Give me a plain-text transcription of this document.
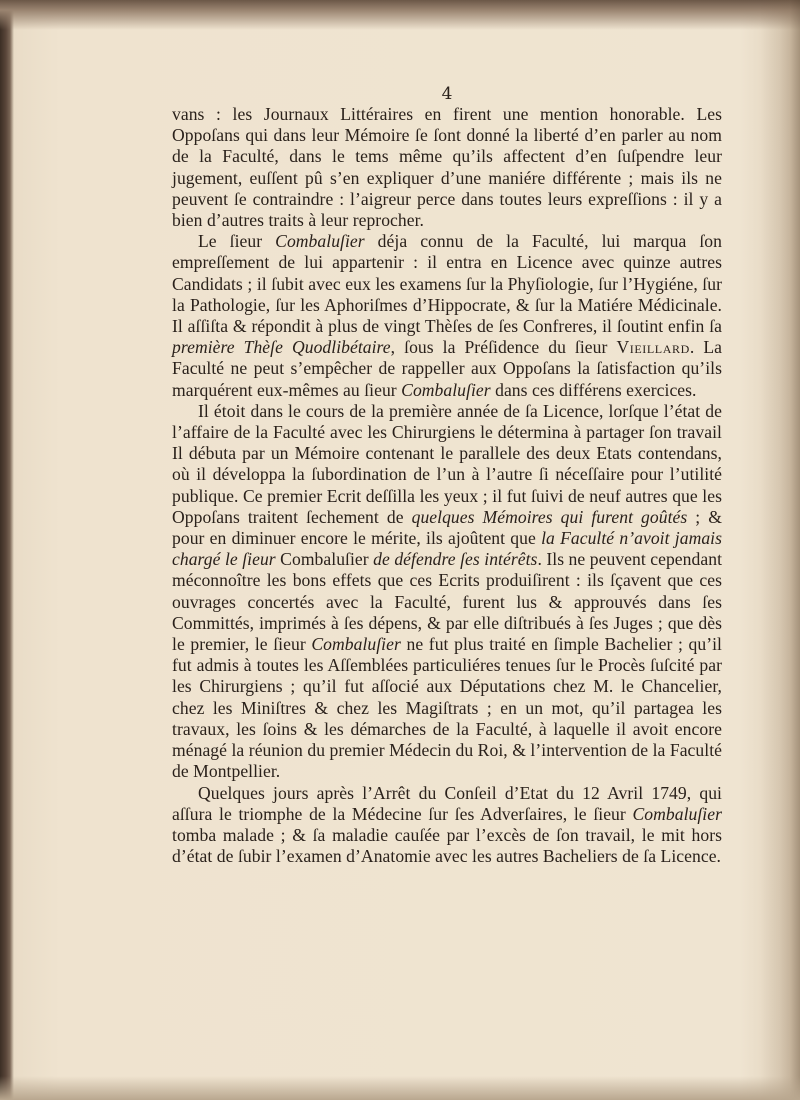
4

vans : les Journaux Littéraires en firent une mention honorable. Les Oppoſans qui dans leur Mémoire ſe ſont donné la liberté d’en parler au nom de la Faculté, dans le tems même qu’ils affectent d’en ſuſpendre leur jugement, euſſent pû s’en expliquer d’une maniére différente ; mais ils ne peuvent ſe contraindre : l’aigreur perce dans toutes leurs expreſſions : il y a bien d’autres traits à leur reprocher.

Le ſieur Combaluſier déja connu de la Faculté, lui marqua ſon empreſſement de lui appartenir : il entra en Licence avec quinze autres Candidats ; il ſubit avec eux les examens ſur la Phyſiologie, ſur l’Hygiéne, ſur la Pathologie, ſur les Aphoriſmes d’Hippocrate, & ſur la Matiére Médicinale. Il aſſiſta & répondit à plus de vingt Thèſes de ſes Confreres, il ſoutint enfin ſa première Thèſe Quodlibétaire, ſous la Préſidence du ſieur Vieillard. La Faculté ne peut s’empêcher de rappeller aux Oppoſans la ſatisfaction qu’ils marquérent eux-mêmes au ſieur Combaluſier dans ces différens exercices.

Il étoit dans le cours de la première année de ſa Licence, lorſque l’état de l’affaire de la Faculté avec les Chirurgiens le détermina à partager ſon travail Il débuta par un Mémoire contenant le parallele des deux Etats contendans, où il développa la ſubordination de l’un à l’autre ſi néceſſaire pour l’utilité publique. Ce premier Ecrit deſſilla les yeux ; il fut ſuivi de neuf autres que les Oppoſans traitent ſechement de quelques Mémoires qui furent goûtés ; & pour en diminuer encore le mérite, ils ajoûtent que la Faculté n’avoit jamais chargé le ſieur Combaluſier de défendre ſes intérêts. Ils ne peuvent cependant méconnoître les bons effets que ces Ecrits produiſirent : ils ſçavent que ces ouvrages concertés avec la Faculté, furent lus & approuvés dans ſes Committés, imprimés à ſes dépens, & par elle diſtribués à ſes Juges ; que dès le premier, le ſieur Combaluſier ne fut plus traité en ſimple Bachelier ; qu’il fut admis à toutes les Aſſemblées particuliéres tenues ſur le Procès ſuſcité par les Chirurgiens ; qu’il fut aſſocié aux Députations chez M. le Chancelier, chez les Miniſtres & chez les Magiſtrats ; en un mot, qu’il partagea les travaux, les ſoins & les démarches de la Faculté, à laquelle il avoit encore ménagé la réunion du premier Médecin du Roi, & l’intervention de la Faculté de Montpellier.

Quelques jours après l’Arrêt du Conſeil d’Etat du 12 Avril 1749, qui aſſura le triomphe de la Médecine ſur ſes Adverſaires, le ſieur Combaluſier tomba malade ; & ſa maladie cauſée par l’excès de ſon travail, le mit hors d’état de ſubir l’examen d’Anatomie avec les autres Bacheliers de ſa Licence.
